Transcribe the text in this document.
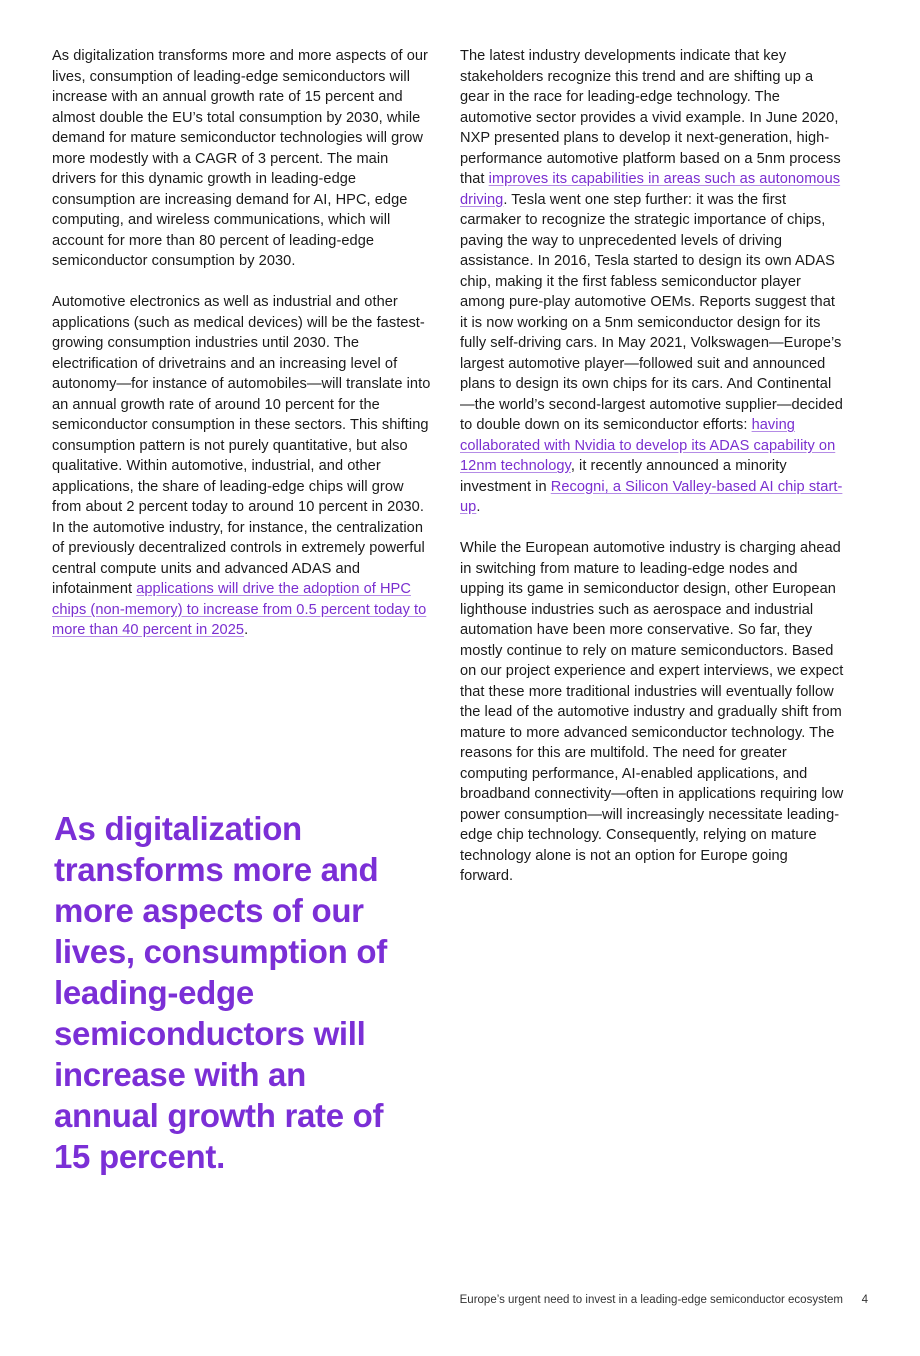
As digitalization transforms more and more aspects of our lives, consumption of leading-edge semiconductors will increase with an annual growth rate of 15 percent and almost double the EU’s total consumption by 2030, while demand for mature semiconductor technologies will grow more modestly with a CAGR of 3 percent. The main drivers for this dynamic growth in leading-edge consumption are increasing demand for AI, HPC, edge computing, and wireless communications, which will account for more than 80 percent of leading-edge semiconductor consumption by 2030.

Automotive electronics as well as industrial and other applications (such as medical devices) will be the fastest-growing consumption industries until 2030. The electrification of drivetrains and an increasing level of autonomy—for instance of automobiles—will translate into an annual growth rate of around 10 percent for the semiconductor consumption in these sectors. This shifting consumption pattern is not purely quantitative, but also qualitative. Within automotive, industrial, and other applications, the share of leading-edge chips will grow from about 2 percent today to around 10 percent in 2030. In the automotive industry, for instance, the centralization of previously decentralized controls in extremely powerful central compute units and advanced ADAS and infotainment applications will drive the adoption of HPC chips (non-memory) to increase from 0.5 percent today to more than 40 percent in 2025.

As digitalization transforms more and more aspects of our lives, consumption of leading-edge semiconductors will increase with an annual growth rate of 15 percent.

The latest industry developments indicate that key stakeholders recognize this trend and are shifting up a gear in the race for leading-edge technology. The automotive sector provides a vivid example. In June 2020, NXP presented plans to develop it next-generation, high-performance automotive platform based on a 5nm process that improves its capabilities in areas such as autonomous driving. Tesla went one step further: it was the first carmaker to recognize the strategic importance of chips, paving the way to unprecedented levels of driving assistance. In 2016, Tesla started to design its own ADAS chip, making it the first fabless semiconductor player among pure-play automotive OEMs. Reports suggest that it is now working on a 5nm semiconductor design for its fully self-driving cars. In May 2021, Volkswagen—Europe’s largest automotive player—followed suit and announced plans to design its own chips for its cars. And Continental—the world’s second-largest automotive supplier—decided to double down on its semiconductor efforts: having collaborated with Nvidia to develop its ADAS capability on 12nm technology, it recently announced a minority investment in Recogni, a Silicon Valley-based AI chip start-up.

While the European automotive industry is charging ahead in switching from mature to leading-edge nodes and upping its game in semiconductor design, other European lighthouse industries such as aerospace and industrial automation have been more conservative. So far, they mostly continue to rely on mature semiconductors. Based on our project experience and expert interviews, we expect that these more traditional industries will eventually follow the lead of the automotive industry and gradually shift from mature to more advanced semiconductor technology. The reasons for this are multifold. The need for greater computing performance, AI-enabled applications, and broadband connectivity—often in applications requiring low power consumption—will increasingly necessitate leading-edge chip technology. Consequently, relying on mature technology alone is not an option for Europe going forward.

Europe’s urgent need to invest in a leading-edge semiconductor ecosystem 4
